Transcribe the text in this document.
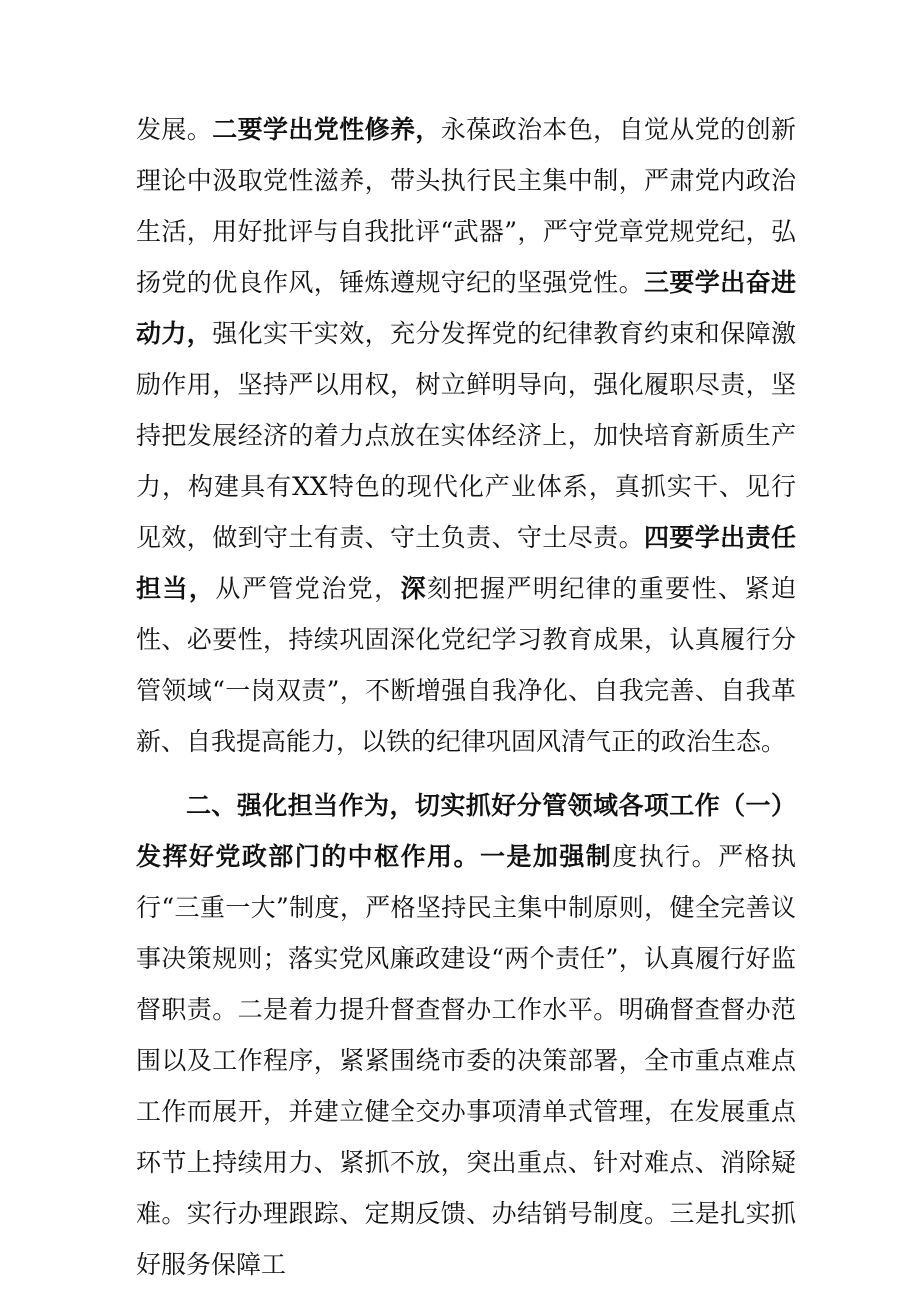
发展。二要学出党性修养，永葆政治本色，自觉从党的创新理论中汲取党性滋养，带头执行民主集中制，严肃党内政治生活，用好批评与自我批评“武器”，严守党章党规党纪，弘扬党的优良作风，锤炼遵规守纪的坚强党性。三要学出奋进动力，强化实干实效，充分发挥党的纪律教育约束和保障激励作用，坚持严以用权，树立鲜明导向，强化履职尽责，坚持把发展经济的着力点放在实体经济上，加快培育新质生产力，构建具有XX特色的现代化产业体系，真抓实干、见行见效，做到守土有责、守土负责、守土尽责。四要学出责任担当，从严管党治党，深刻把握严明纪律的重要性、紧迫性、必要性，持续巩固深化党纪学习教育成果，认真履行分管领域“一岗双责”，不断增强自我净化、自我完善、自我革新、自我提高能力，以铁的纪律巩固风清气正的政治生态。

二、强化担当作为，切实抓好分管领域各项工作（一）发挥好党政部门的中枢作用。一是加强制度执行。严格执行“三重一大”制度，严格坚持民主集中制原则，健全完善议事决策规则；落实党风廉政建设“两个责任”，认真履行好监督职责。二是着力提升督查督办工作水平。明确督查督办范围以及工作程序，紧紧围绕市委的决策部署，全市重点难点工作而展开，并建立健全交办事项清单式管理，在发展重点环节上持续用力、紧抓不放，突出重点、针对难点、消除疑难。实行办理跟踪、定期反馈、办结销号制度。三是扎实抓好服务保障工
